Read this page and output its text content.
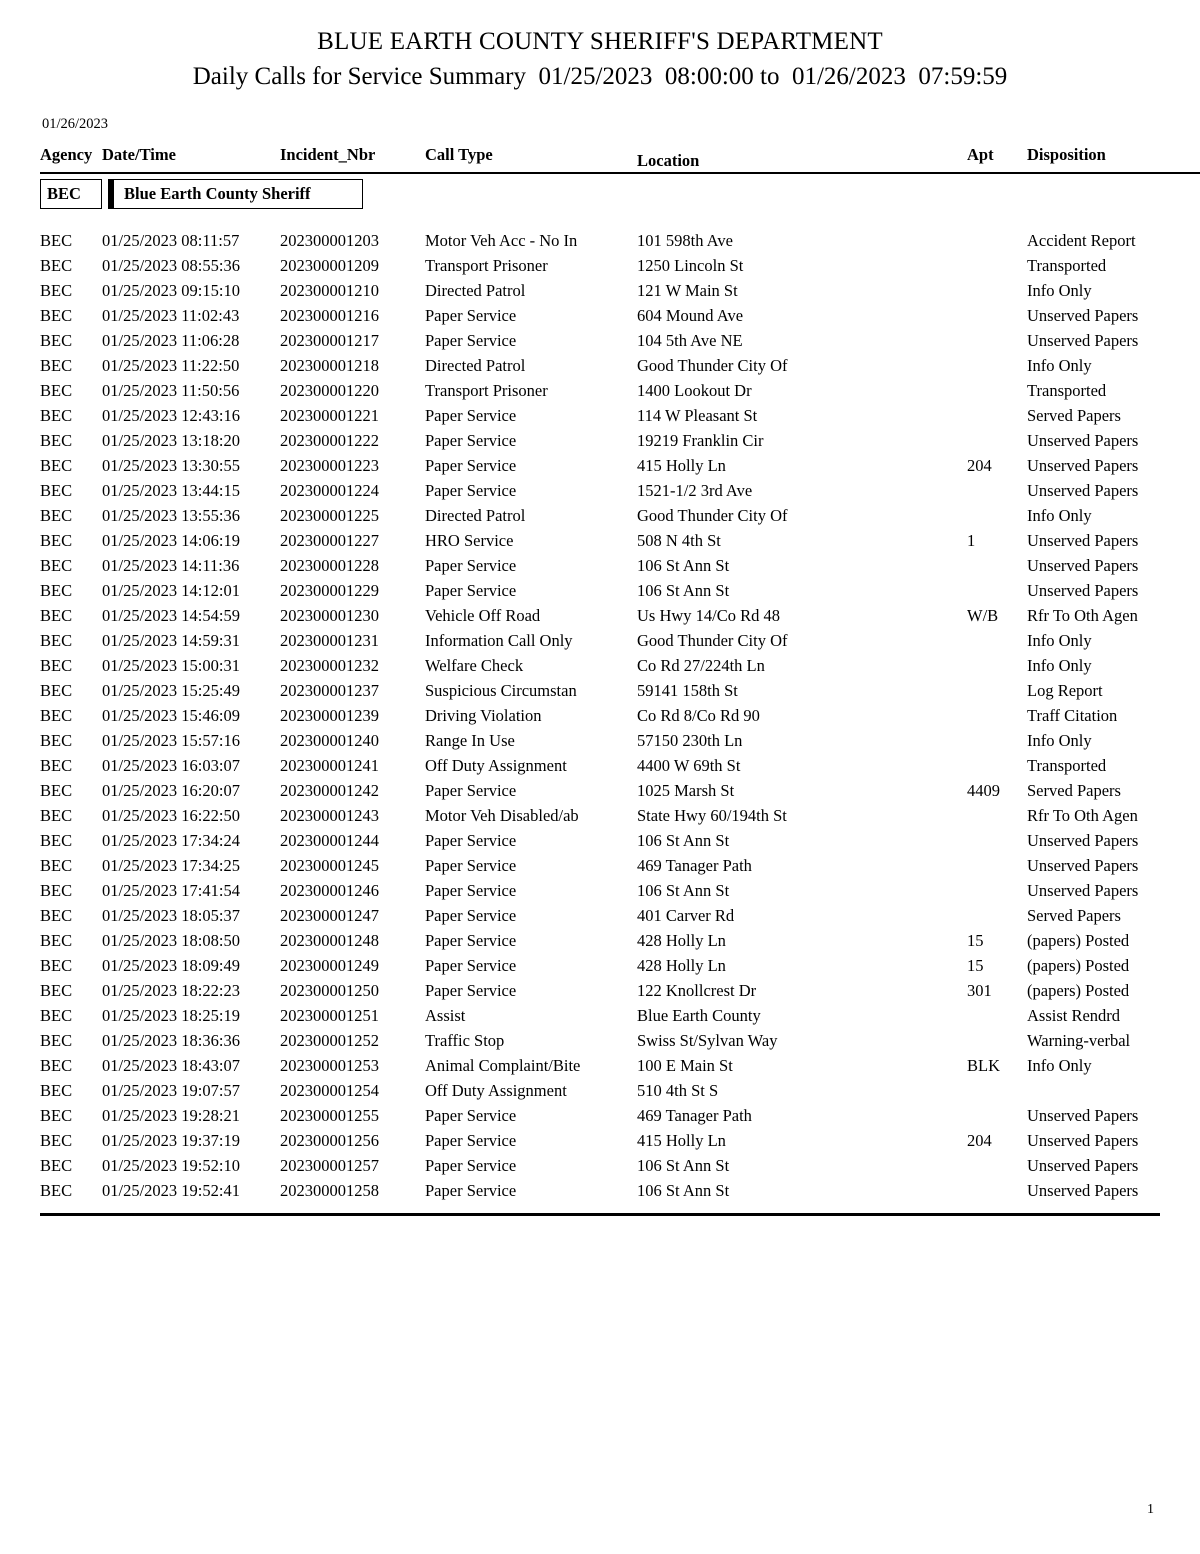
BLUE EARTH COUNTY SHERIFF'S DEPARTMENT
Daily Calls for Service Summary  01/25/2023  08:00:00 to  01/26/2023  07:59:59
01/26/2023
Agency	Date/Time	Incident_Nbr	Call Type	Location	Apt	Disposition

BEC Blue Earth County Sheriff						

BEC	01/25/2023 08:11:57	202300001203	Motor Veh Acc - No In	101 598th Ave		Accident Report
BEC	01/25/2023 08:55:36	202300001209	Transport Prisoner	1250 Lincoln St		Transported
BEC	01/25/2023 09:15:10	202300001210	Directed Patrol	121 W Main St		Info Only
BEC	01/25/2023 11:02:43	202300001216	Paper Service	604 Mound Ave		Unserved Papers
BEC	01/25/2023 11:06:28	202300001217	Paper Service	104 5th Ave NE		Unserved Papers
BEC	01/25/2023 11:22:50	202300001218	Directed Patrol	Good Thunder City Of		Info Only
BEC	01/25/2023 11:50:56	202300001220	Transport Prisoner	1400 Lookout Dr		Transported
BEC	01/25/2023 12:43:16	202300001221	Paper Service	114 W Pleasant St		Served Papers
BEC	01/25/2023 13:18:20	202300001222	Paper Service	19219 Franklin Cir		Unserved Papers
BEC	01/25/2023 13:30:55	202300001223	Paper Service	415 Holly Ln	204	Unserved Papers
BEC	01/25/2023 13:44:15	202300001224	Paper Service	1521-1/2 3rd Ave		Unserved Papers
BEC	01/25/2023 13:55:36	202300001225	Directed Patrol	Good Thunder City Of		Info Only
BEC	01/25/2023 14:06:19	202300001227	HRO Service	508 N 4th St	1	Unserved Papers
BEC	01/25/2023 14:11:36	202300001228	Paper Service	106 St Ann St		Unserved Papers
BEC	01/25/2023 14:12:01	202300001229	Paper Service	106 St Ann St		Unserved Papers
BEC	01/25/2023 14:54:59	202300001230	Vehicle Off Road	Us Hwy 14/Co Rd 48	W/B	Rfr To Oth Agen
BEC	01/25/2023 14:59:31	202300001231	Information Call Only	Good Thunder City Of		Info Only
BEC	01/25/2023 15:00:31	202300001232	Welfare Check	Co Rd 27/224th Ln		Info Only
BEC	01/25/2023 15:25:49	202300001237	Suspicious Circumstan	59141 158th St		Log Report
BEC	01/25/2023 15:46:09	202300001239	Driving Violation	Co Rd 8/Co Rd 90		Traff Citation
BEC	01/25/2023 15:57:16	202300001240	Range In Use	57150 230th Ln		Info Only
BEC	01/25/2023 16:03:07	202300001241	Off Duty Assignment	4400 W 69th St		Transported
BEC	01/25/2023 16:20:07	202300001242	Paper Service	1025 Marsh St	4409	Served Papers
BEC	01/25/2023 16:22:50	202300001243	Motor Veh Disabled/ab	State Hwy 60/194th St		Rfr To Oth Agen
BEC	01/25/2023 17:34:24	202300001244	Paper Service	106 St Ann St		Unserved Papers
BEC	01/25/2023 17:34:25	202300001245	Paper Service	469 Tanager Path		Unserved Papers
BEC	01/25/2023 17:41:54	202300001246	Paper Service	106 St Ann St		Unserved Papers
BEC	01/25/2023 18:05:37	202300001247	Paper Service	401 Carver Rd		Served Papers
BEC	01/25/2023 18:08:50	202300001248	Paper Service	428 Holly Ln	15	(papers) Posted
BEC	01/25/2023 18:09:49	202300001249	Paper Service	428 Holly Ln	15	(papers) Posted
BEC	01/25/2023 18:22:23	202300001250	Paper Service	122 Knollcrest Dr	301	(papers) Posted
BEC	01/25/2023 18:25:19	202300001251	Assist	Blue Earth County		Assist Rendrd
BEC	01/25/2023 18:36:36	202300001252	Traffic Stop	Swiss St/Sylvan Way		Warning-verbal
BEC	01/25/2023 18:43:07	202300001253	Animal Complaint/Bite	100 E Main St	BLK	Info Only
BEC	01/25/2023 19:07:57	202300001254	Off Duty Assignment	510 4th St S		
BEC	01/25/2023 19:28:21	202300001255	Paper Service	469 Tanager Path		Unserved Papers
BEC	01/25/2023 19:37:19	202300001256	Paper Service	415 Holly Ln	204	Unserved Papers
BEC	01/25/2023 19:52:10	202300001257	Paper Service	106 St Ann St		Unserved Papers
BEC	01/25/2023 19:52:41	202300001258	Paper Service	106 St Ann St		Unserved Papers
1
